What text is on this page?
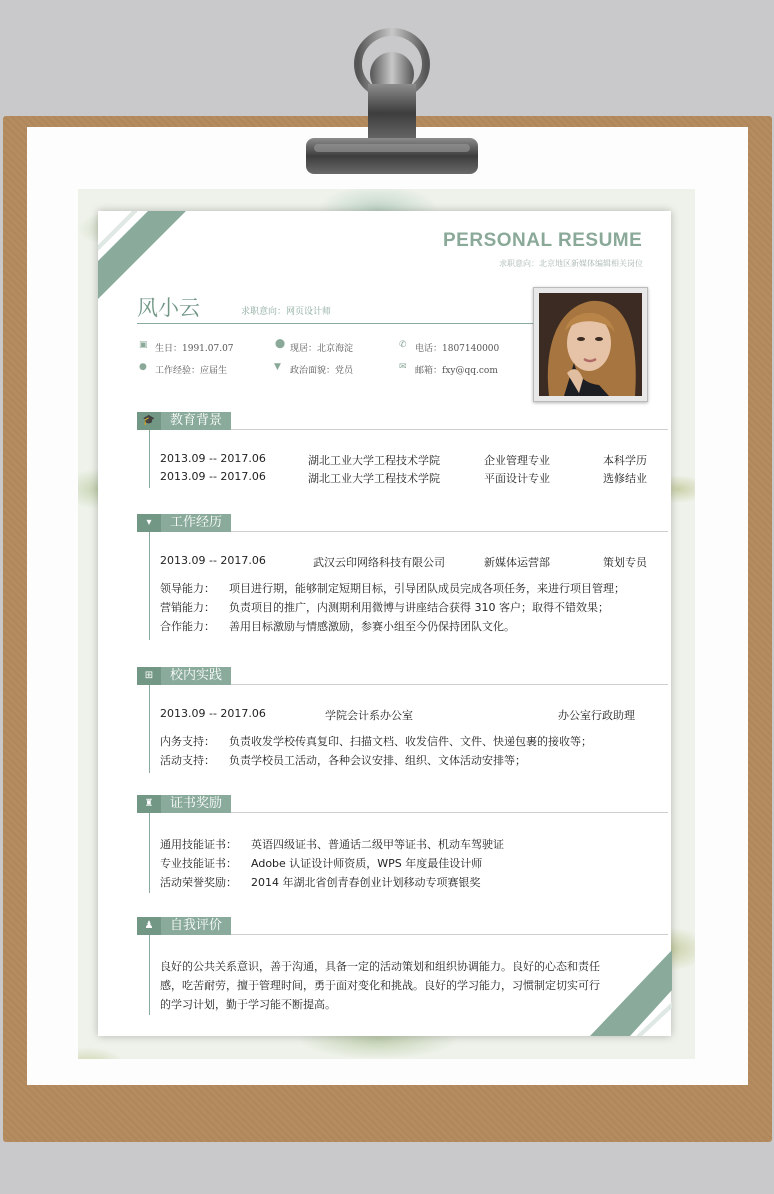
PERSONAL RESUME
求职意向：北京地区新媒体编辑相关岗位
风小云	求职意向：网页设计师
▣ 生日：1991.07.07	⬤ 现居：北京海淀	✆ 电话：1807140000
● 工作经验：应届生	▼ 政治面貌：党员	✉ 邮箱：fxy@qq.com
🎓	教育背景
2013.09 -- 2017.06	湖北工业大学工程技术学院	企业管理专业	本科学历
2013.09 -- 2017.06	湖北工业大学工程技术学院	平面设计专业	选修结业
▾	工作经历
2013.09 -- 2017.06	武汉云印网络科技有限公司	新媒体运营部	策划专员
领导能力： 项目进行期，能够制定短期目标，引导团队成员完成各项任务，来进行项目管理；
营销能力： 负责项目的推广，内测期利用微博与讲座结合获得 310 客户；取得不错效果；
合作能力： 善用目标激励与情感激励，参赛小组至今仍保持团队文化。
⊞	校内实践
2013.09 -- 2017.06	学院会计系办公室	办公室行政助理
内务支持： 负责收发学校传真复印、扫描文档、收发信件、文件、快递包裹的接收等；
活动支持： 负责学校员工活动，各种会议安排、组织、文体活动安排等；
♜	证书奖励
通用技能证书： 英语四级证书、普通话二级甲等证书、机动车驾驶证
专业技能证书： Adobe 认证设计师资质，WPS 年度最佳设计师
活动荣誉奖励： 2014 年湖北省创青春创业计划移动专项赛银奖
♟	自我评价
良好的公共关系意识，善于沟通，具备一定的活动策划和组织协调能力。良好的心态和责任
感，吃苦耐劳，擅于管理时间，勇于面对变化和挑战。良好的学习能力，习惯制定切实可行
的学习计划，勤于学习能不断提高。
